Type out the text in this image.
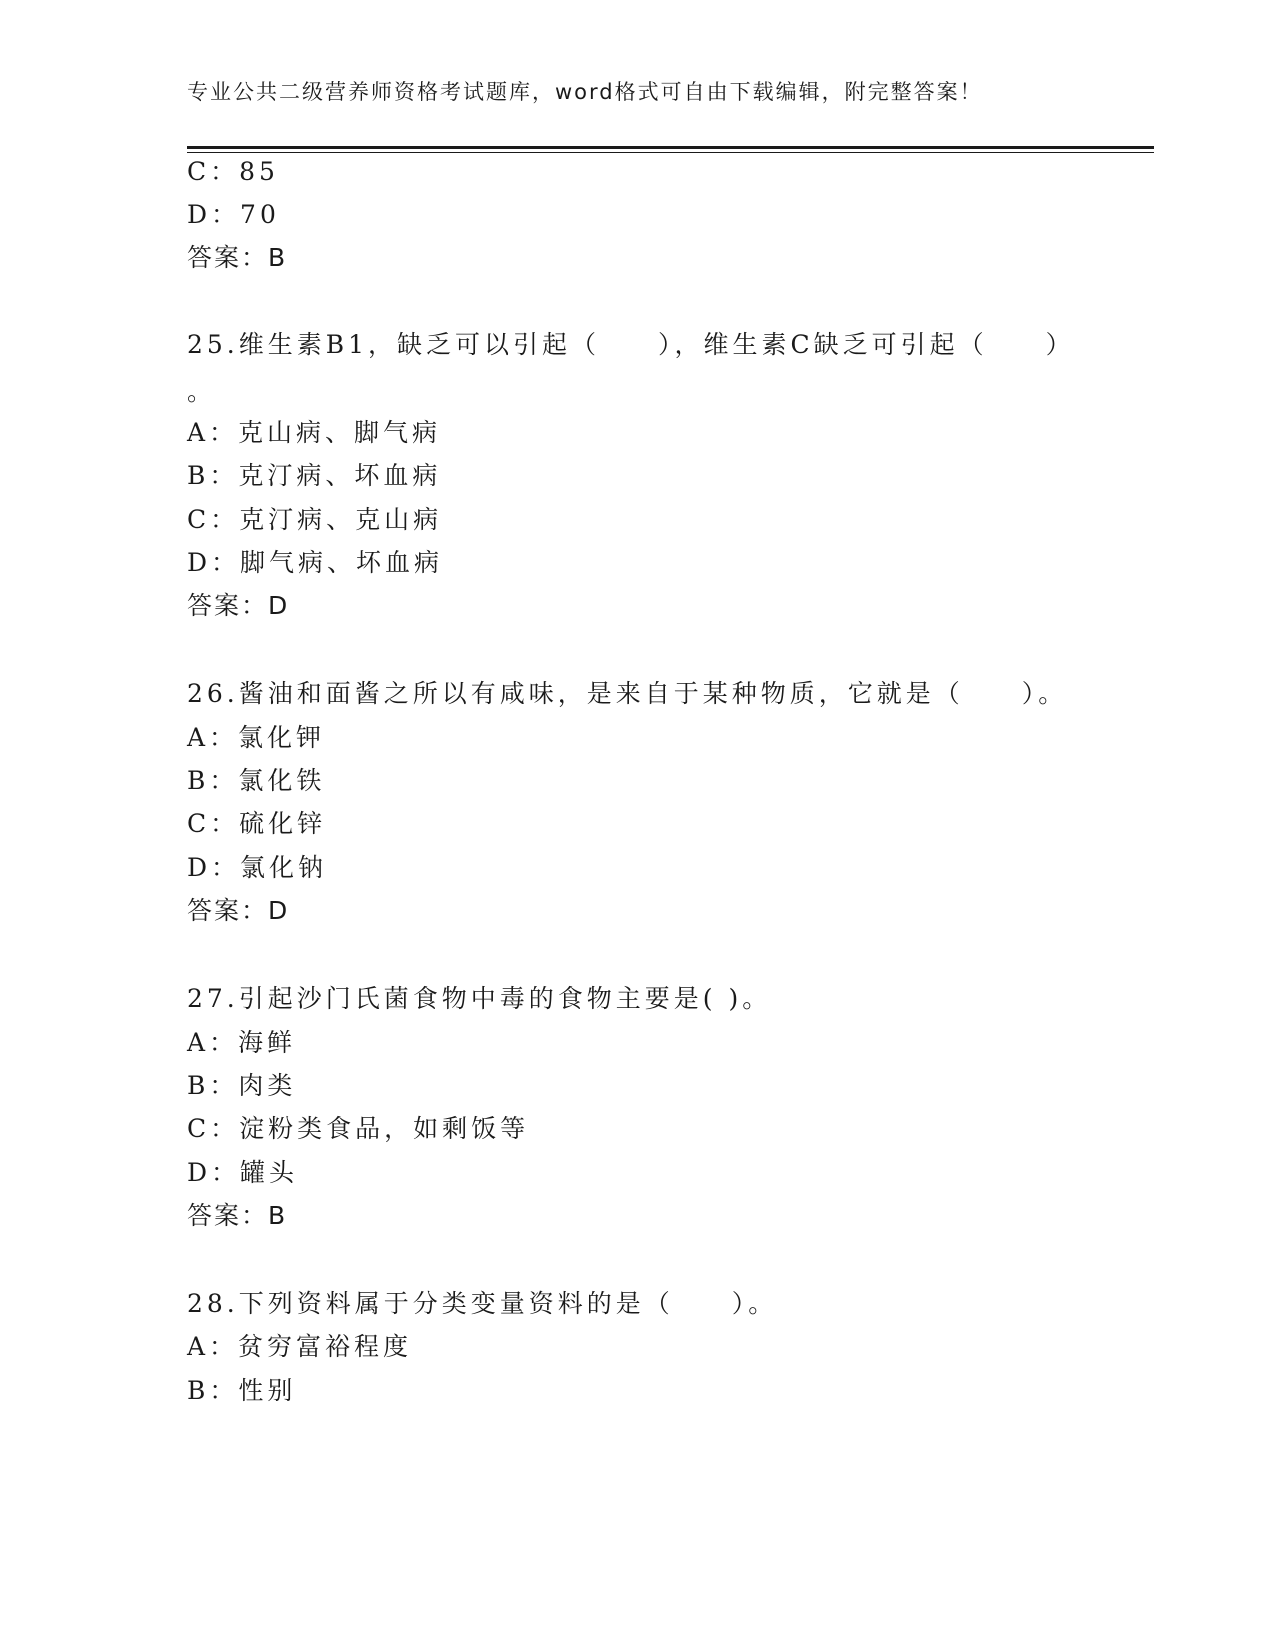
专业公共二级营养师资格考试题库，word格式可自由下载编辑，附完整答案！
C：85
D：70
答案：B
25.维生素B1，缺乏可以引起（　　），维生素C缺乏可引起（　　）
。
A：克山病、脚气病
B：克汀病、坏血病
C：克汀病、克山病
D：脚气病、坏血病
答案：D
26.酱油和面酱之所以有咸味，是来自于某种物质，它就是（　　）。
A：氯化钾
B：氯化铁
C：硫化锌
D：氯化钠
答案：D
27.引起沙门氏菌食物中毒的食物主要是( )。
A：海鲜
B：肉类
C：淀粉类食品，如剩饭等
D：罐头
答案：B
28.下列资料属于分类变量资料的是（　　）。
A：贫穷富裕程度
B：性别
